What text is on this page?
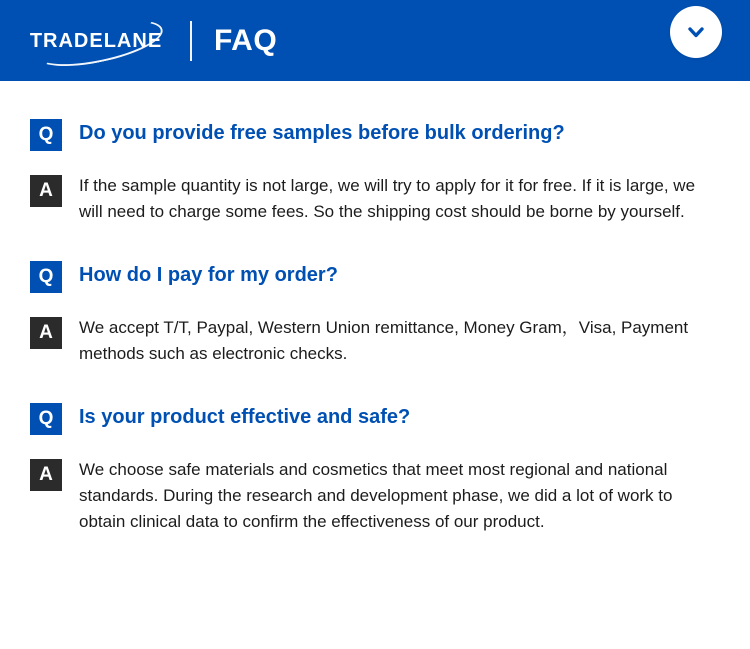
TRADELANE FAQ
Q	Do you provide free samples before bulk ordering?
A	If the sample quantity is not large, we will try to apply for it for free. If it is large, we will need to charge some fees. So the shipping cost should be borne by yourself.
Q	How do I pay for my order?
A	We accept T/T, Paypal, Western Union remittance, Money Gram，Visa, Payment methods such as electronic checks.
Q	Is your product effective and safe?
A	We choose safe materials and cosmetics that meet most regional and national standards. During the research and development phase, we did a lot of work to obtain clinical data to confirm the effectiveness of our product.
